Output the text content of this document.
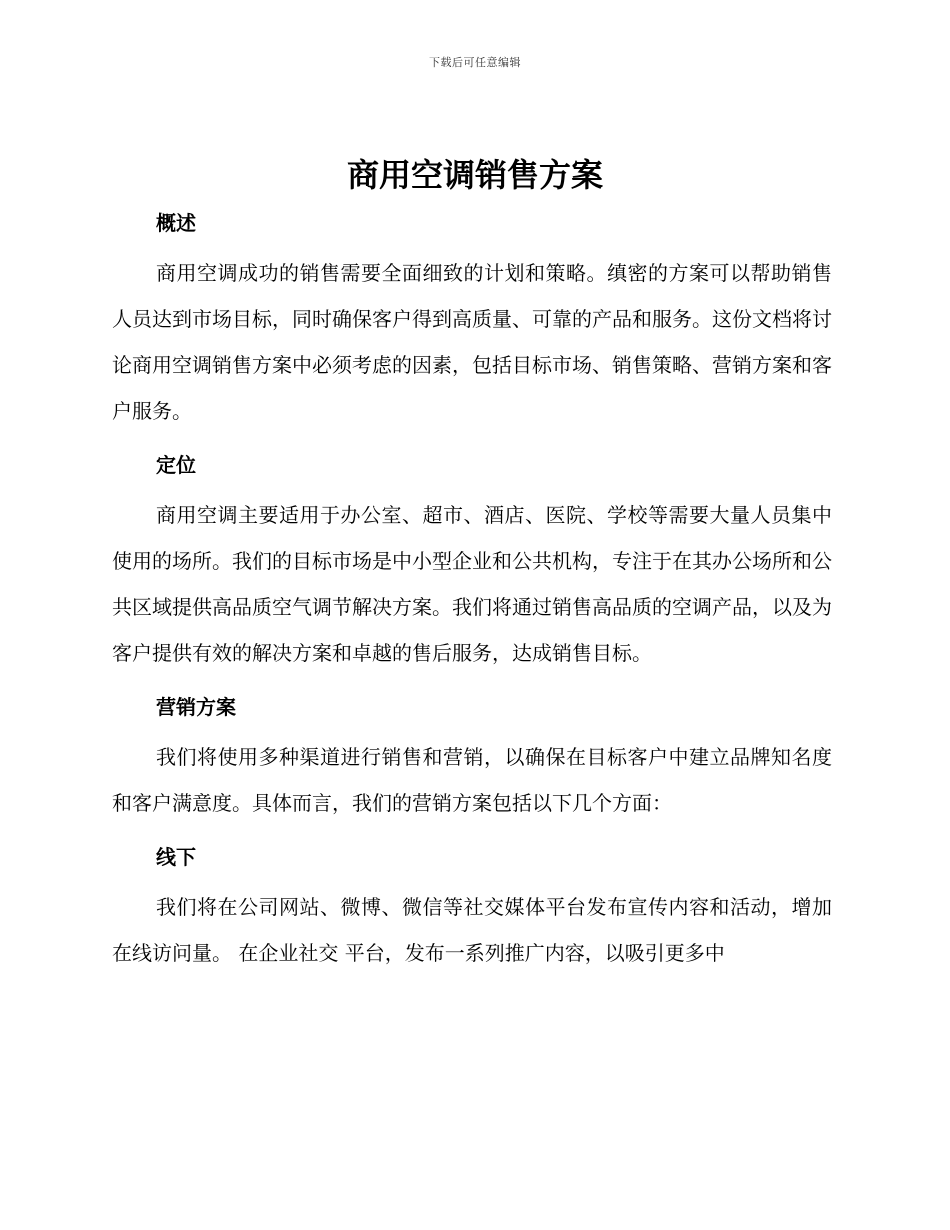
下载后可任意编辑
商用空调销售方案
概述

商用空调成功的销售需要全面细致的计划和策略。缜密的方案可以帮助销售人员达到市场目标，同时确保客户得到高质量、可靠的产品和服务。这份文档将讨论商用空调销售方案中必须考虑的因素，包括目标市场、销售策略、营销方案和客户服务。

定位

商用空调主要适用于办公室、超市、酒店、医院、学校等需要大量人员集中使用的场所。我们的目标市场是中小型企业和公共机构，专注于在其办公场所和公共区域提供高品质空气调节解决方案。我们将通过销售高品质的空调产品，以及为客户提供有效的解决方案和卓越的售后服务，达成销售目标。

营销方案

我们将使用多种渠道进行销售和营销，以确保在目标客户中建立品牌知名度和客户满意度。具体而言，我们的营销方案包括以下几个方面：

线下

我们将在公司网站、微博、微信等社交媒体平台发布宣传内容和活动，增加在线访问量。 在企业社交 平台，发布一系列推广内容，以吸引更多中
